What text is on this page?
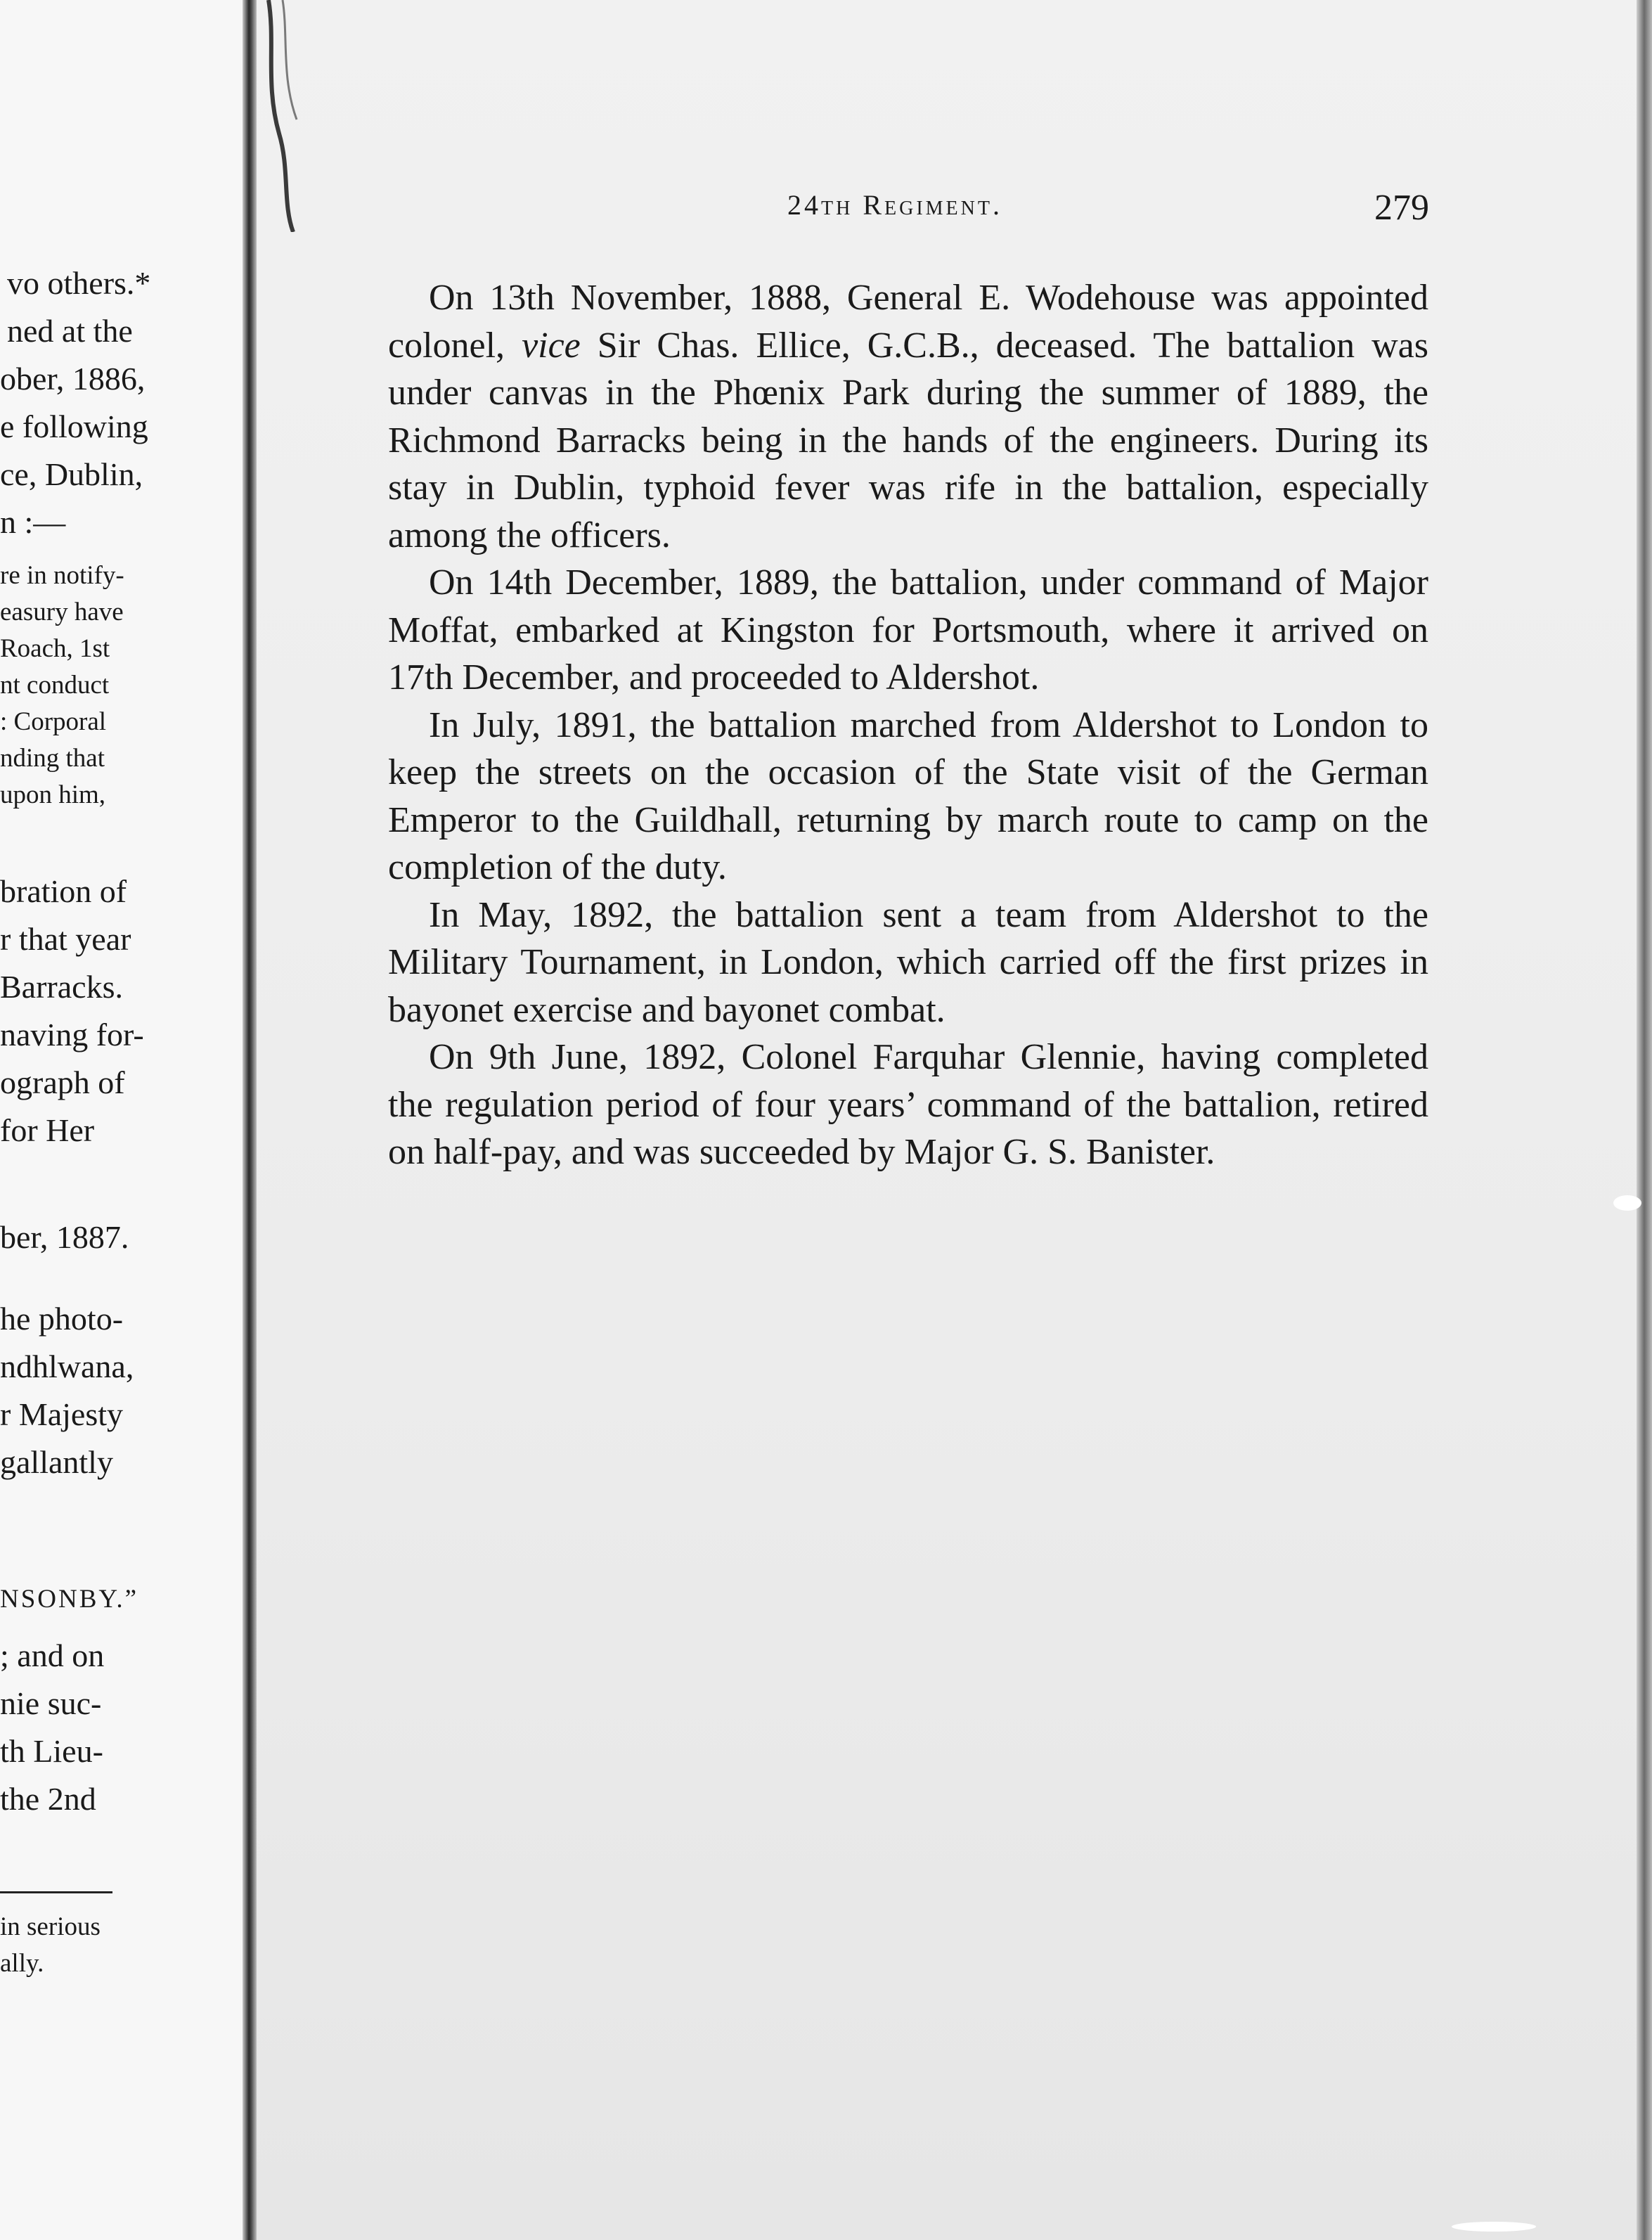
vo others.*
ned at the
ober, 1886,
e following
ce, Dublin,
n :—
re in notify-
easury have
Roach, 1st
nt conduct
: Corporal
nding that
upon him,
bration of
r that year
Barracks.
naving for-
ograph of
for Her
ber, 1887.
he photo-
ndhlwana,
r Majesty
gallantly
NSONBY.”
; and on
nie suc-
th Lieu-
the 2nd
in serious
ally.
24th Regiment.	279

On 13th November, 1888, General E. Wodehouse was appointed colonel, vice Sir Chas. Ellice, G.C.B., deceased. The battalion was under canvas in the Phœnix Park during the summer of 1889, the Richmond Barracks being in the hands of the engineers. During its stay in Dublin, typhoid fever was rife in the battalion, especially among the officers.

On 14th December, 1889, the battalion, under command of Major Moffat, embarked at Kingston for Portsmouth, where it arrived on 17th December, and proceeded to Aldershot.

In July, 1891, the battalion marched from Aldershot to London to keep the streets on the occasion of the State visit of the German Emperor to the Guildhall, returning by march route to camp on the completion of the duty.

In May, 1892, the battalion sent a team from Aldershot to the Military Tournament, in London, which carried off the first prizes in bayonet exercise and bayonet combat.

On 9th June, 1892, Colonel Farquhar Glennie, having completed the regulation period of four years’ command of the battalion, retired on half-pay, and was succeeded by Major G. S. Banister.
